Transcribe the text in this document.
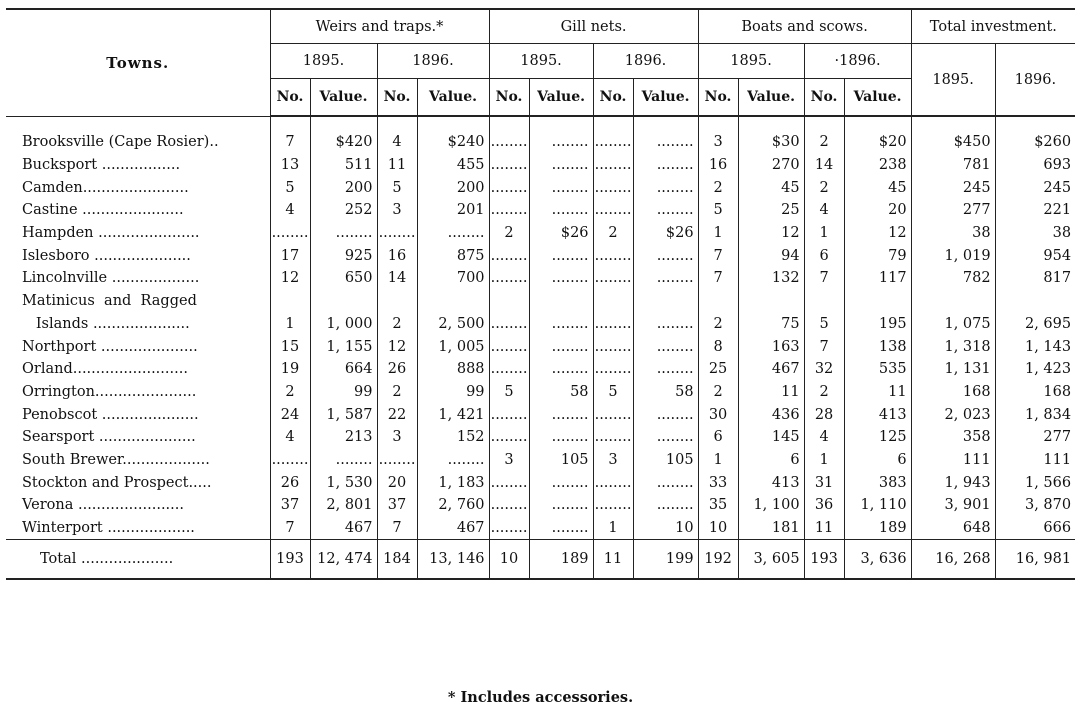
Towns.	Weirs and traps.*				Gill nets.				Boats and scows.				Total investment.	
	1895.		1896.		1895.		1896.		1895.		·1896.		1895.	1896.
	No.	Value.	No.	Value.	No.	Value.	No.	Value.	No.	Value.	No.	Value.		

Brooksville (Cape Rosier)..	7	$420	4	$240	........	........	........	........	3	$30	2	$20	$450	$260
Bucksport .................	13	511	11	455	........	........	........	........	16	270	14	238	781	693
Camden.......................	5	200	5	200	........	........	........	........	2	45	2	45	245	245
Castine ......................	4	252	3	201	........	........	........	........	5	25	4	20	277	221
Hampden ......................	........	........	........	........	2	$26	2	$26	1	12	1	12	38	38
Islesboro .....................	17	925	16	875	........	........	........	........	7	94	6	79	1, 019	954
Lincolnville ...................	12	650	14	700	........	........	........	........	7	132	7	117	782	817
Matinicus  and  Ragged														
Islands .....................	1	1, 000	2	2, 500	........	........	........	........	2	75	5	195	1, 075	2, 695
Northport .....................	15	1, 155	12	1, 005	........	........	........	........	8	163	7	138	1, 318	1, 143
Orland.........................	19	664	26	888	........	........	........	........	25	467	32	535	1, 131	1, 423
Orrington......................	2	99	2	99	5	58	5	58	2	11	2	11	168	168
Penobscot .....................	24	1, 587	22	1, 421	........	........	........	........	30	436	28	413	2, 023	1, 834
Searsport .....................	4	213	3	152	........	........	........	........	6	145	4	125	358	277
South Brewer...................	........	........	........	........	3	105	3	105	1	6	1	6	111	111
Stockton and Prospect.....	26	1, 530	20	1, 183	........	........	........	........	33	413	31	383	1, 943	1, 566
Verona .......................	37	2, 801	37	2, 760	........	........	........	........	35	1, 100	36	1, 110	3, 901	3, 870
Winterport ...................	7	467	7	467	........	........	1	10	10	181	11	189	648	666
Total ....................	193	12, 474	184	13, 146	10	189	11	199	192	3, 605	193	3, 636	16, 268	16, 981
* Includes accessories.
